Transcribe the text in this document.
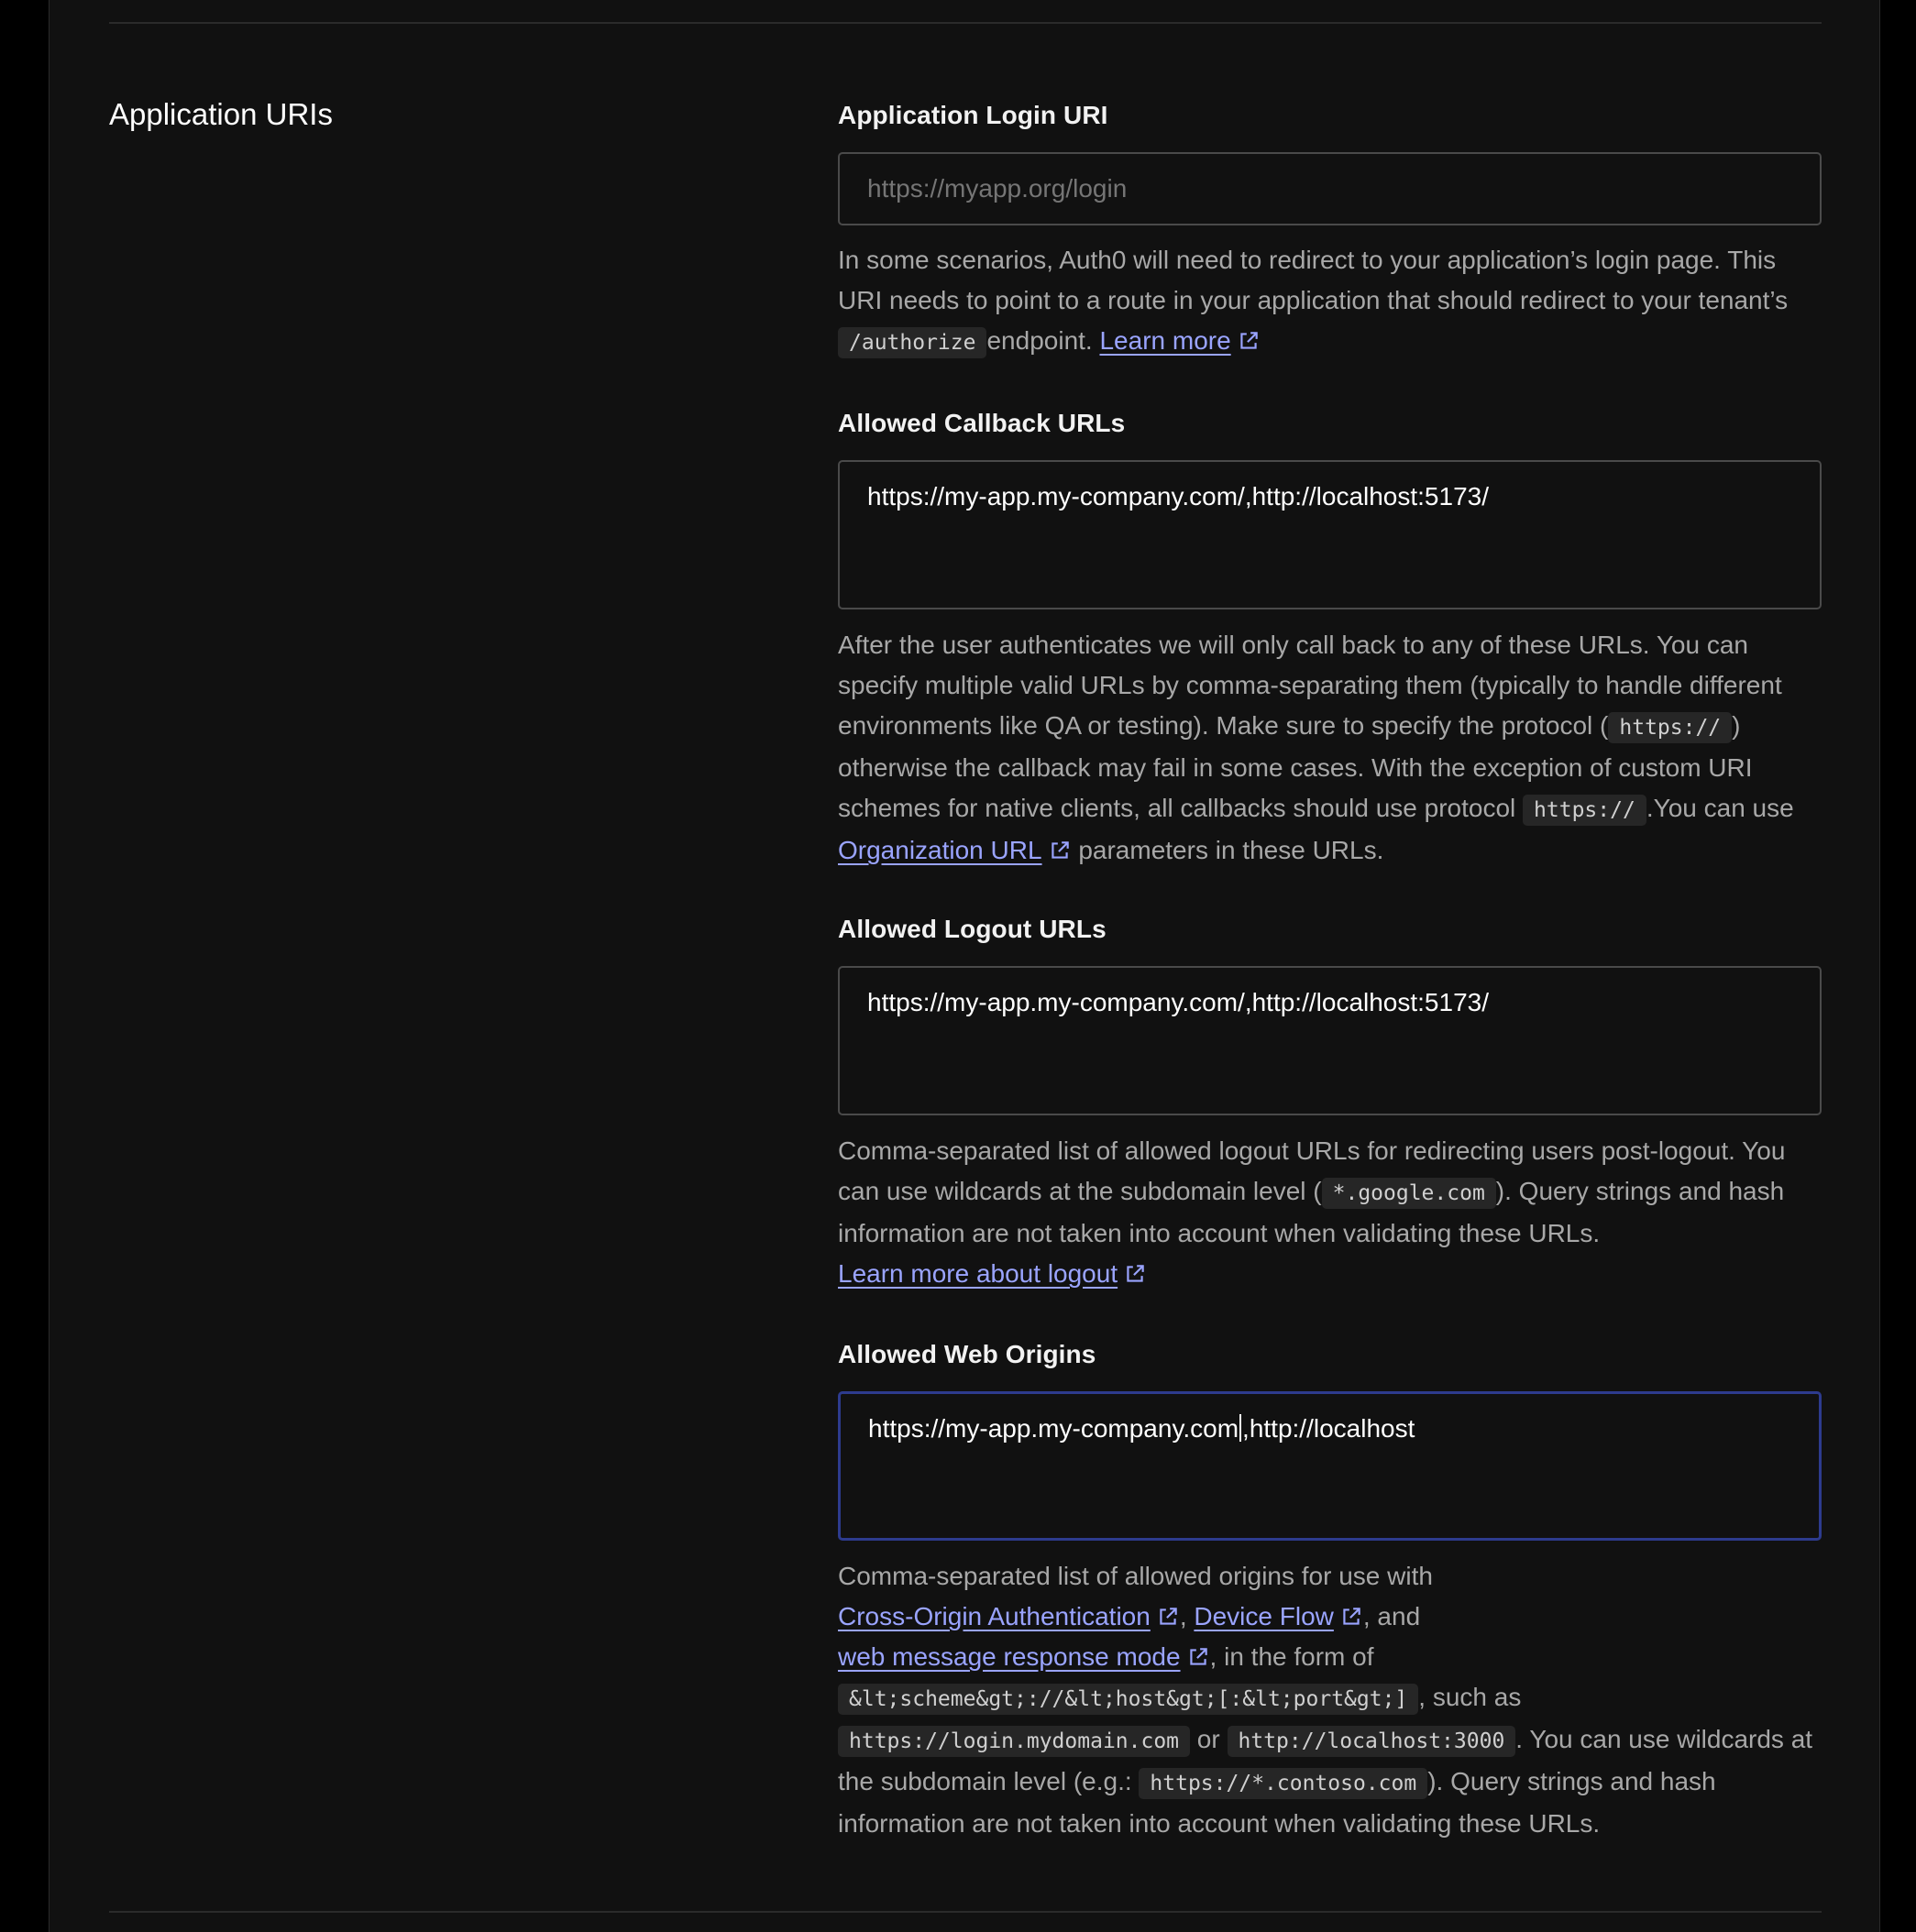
Application URIs	Application Login URI
https://myapp.org/login
In some scenarios, Auth0 will need to redirect to your application’s login page. This URI needs to point to a route in your application that should redirect to your tenant’s /authorize endpoint. Learn more
Allowed Callback URLs
https://my-app.my-company.com/,http://localhost:5173/
After the user authenticates we will only call back to any of these URLs. You can specify multiple valid URLs by comma-separating them (typically to handle different environments like QA or testing). Make sure to specify the protocol ( https:// ) otherwise the callback may fail in some cases. With the exception of custom URI schemes for native clients, all callbacks should use protocol https:// .You can use Organization URL parameters in these URLs.
Allowed Logout URLs
https://my-app.my-company.com/,http://localhost:5173/
Comma-separated list of allowed logout URLs for redirecting users post-logout. You can use wildcards at the subdomain level ( *.google.com ). Query strings and hash information are not taken into account when validating these URLs.
Learn more about logout
Allowed Web Origins
https://my-app.my-company.com ,http://localhost
Comma-separated list of allowed origins for use with
Cross-Origin Authentication , Device Flow , and
web message response mode , in the form of
&lt;scheme&gt;://&lt;host&gt;[:&lt;port&gt;] , such as
https://login.mydomain.com or http://localhost:3000 . You can use wildcards at the subdomain level (e.g.: https://*.contoso.com ). Query strings and hash information are not taken into account when validating these URLs.
